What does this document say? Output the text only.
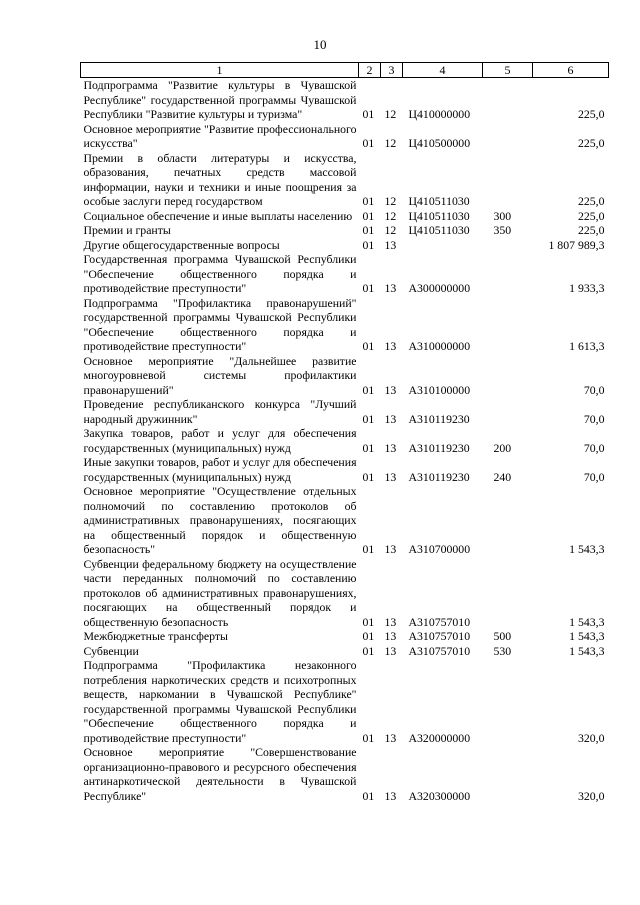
10
1	2	3	4	5	6
Подпрограмма "Развитие культуры в Чувашской Республике" государственной программы Чувашской Республики "Развитие культуры и туризма"	01	12	Ц410000000		225,0
Основное мероприятие "Развитие профессионального искусства"	01	12	Ц410500000		225,0
Премии в области литературы и искусства, образования, печатных средств массовой информации, науки и техники и иные поощрения за особые заслуги перед государством	01	12	Ц410511030		225,0
Социальное обеспечение и иные выплаты населению	01	12	Ц410511030	300	225,0
Премии и гранты	01	12	Ц410511030	350	225,0
Другие общегосударственные вопросы	01	13			1 807 989,3
Государственная программа Чувашской Республики "Обеспечение общественного порядка и противодействие преступности"	01	13	А300000000		1 933,3
Подпрограмма "Профилактика правонарушений" государственной программы Чувашской Республики "Обеспечение общественного порядка и противодействие преступности"	01	13	А310000000		1 613,3
Основное мероприятие "Дальнейшее развитие многоуровневой системы профилактики правонарушений"	01	13	А310100000		70,0
Проведение республиканского конкурса "Лучший народный дружинник"	01	13	А310119230		70,0
Закупка товаров, работ и услуг для обеспечения государственных (муниципальных) нужд	01	13	А310119230	200	70,0
Иные закупки товаров, работ и услуг для обеспечения государственных (муниципальных) нужд	01	13	А310119230	240	70,0
Основное мероприятие "Осуществление отдельных полномочий по составлению протоколов об административных правонарушениях, посягающих на общественный порядок и общественную безопасность"	01	13	А310700000		1 543,3
Субвенции федеральному бюджету на осуществление части переданных полномочий по составлению протоколов об административных правонарушениях, посягающих на общественный порядок и общественную безопасность	01	13	А310757010		1 543,3
Межбюджетные трансферты	01	13	А310757010	500	1 543,3
Субвенции	01	13	А310757010	530	1 543,3
Подпрограмма "Профилактика незаконного потребления наркотических средств и психотропных веществ, наркомании в Чувашской Республике" государственной программы Чувашской Республики "Обеспечение общественного порядка и противодействие преступности"	01	13	А320000000		320,0
Основное мероприятие "Совершенствование организационно-правового и ресурсного обеспечения антинаркотической деятельности в Чувашской Республике"	01	13	А320300000		320,0
